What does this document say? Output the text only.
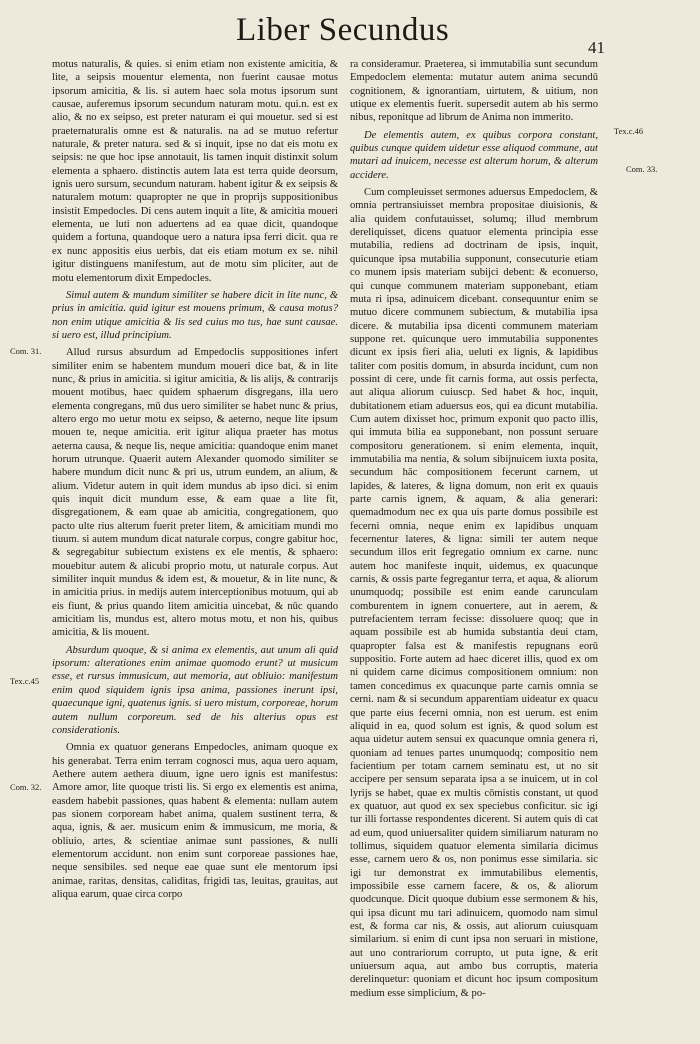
Liber Secundus	41
Com. 31.
Tex.c.45
Com. 32.
Tex.c.46
Com. 33.

motus naturalis, & quies. si enim etiam non existente amicitia, & lite, a seipsis mouentur elementa, non fuerint causae motus ipsorum amicitia, & lis. si autem haec sola motus ipsorum sunt causae, auferemus ipsorum secundum naturam motu. qui.n. est ex alio, & no ex seipso, est preter naturam ei qui mouetur. sed si est praeternaturalis omne est & naturalis. na ad se mutuo refertur naturale, & preter natura. sed & si inquit, ipse no dat eis motu ex seipsis: ne que hoc ipse annotauit, lis tamen inquit distinxit solum elementa a sphaero. distinctis autem lata est terra quide deorsum, ignis uero sursum, secundum naturam. habent igitur & ex seipsis & naturalem motum: quapropter ne que in proprijs suppositionibus insistit Empedocles. Di cens autem inquit a lite, & amicitia moueri elementa, ue luti non aduertens ad ea quae dicit, quandoque quidem a fortuna, quandoque uero a natura ipsa ferri dicit. qua re ex nunc appositis eius uerbis, dat eis etiam motum ex se. nihil igitur distinguens manifestum, aut de motu sim pliciter, aut de motu elementorum dixit Empedocles.

Simul autem & mundum similiter se habere dicit in lite nunc, & prius in amicitia. quid igitur est mouens primum, & causa motus? non enim utique amicitia & lis sed cuius mo tus, hae sunt causae. si uero est, illud principium.

Allud rursus absurdum ad Empedoclis suppositiones infert similiter enim se habentem mundum moueri dice bat, & in lite nunc, & prius in amicitia. si igitur amicitia, & lis alijs, & contrarijs mouent motibus, haec quidem sphaerum disgregans, illa uero elementa congregans, mū dus uero similiter se habet nunc & prius, altero ergo mo uetur motu ex seipso, & aeterno, neque lite ipsum mouen te, neque amicitia. erit igitur aliqua praeter has motus aeterna causa, & neque lis, neque amicitia: quandoque enim manet horum utrunque. Quaerit autem Alexander quomodo similiter se habere mundum dicit nunc & pri us, utrum eundem, an alium, & alium. Videtur autem in quit idem mundus ab ipso dici. si enim quis inquit dicit mundum esse, & eam quae a lite fit, disgregationem, & eam quae ab amicitia, congregationem, quo pacto ulte rius alterum fuerit preter litem, & amicitiam mundi mo tiuum. si autem mundum dicat naturale corpus, congre gabitur hoc, & segregabitur subiectum existens ex ele mentis, & sphaero: mouebitur autem & alicubi proprio motu, ut naturale corpus. Aut similiter inquit mundus & idem est, & mouetur, & in lite nunc, & in amicitia prius. in medijs autem interceptionibus motuum, qui ab eis fiunt, & prius quando litem amicitia uincebat, & nūc quando amicitiam lis, mundus est, altero motus motu, et non his, quibus amicitia, & lis mouent.

Absurdum quoque, & si anima ex elementis, aut unum ali quid ipsorum: alterationes enim animae quomodo erunt? ut musicum esse, et rursus immusicum, aut memoria, aut obliuio: manifestum enim quod siquidem ignis ipsa anima, passiones inerunt ipsi, quaecunque igni, quatenus ignis. si uero mistum, corporeae, horum autem nullum corporeum. sed de his alterius opus est considerationis.

Omnia ex quatuor generans Empedocles, animam quoque ex his generabat. Terra enim terram cognosci mus, aqua uero aquam, Aethere autem aethera diuum, igne uero ignis est manifestus: Amore amor, lite quoque tristi lis. Si ergo ex elementis est anima, easdem habebit passiones, quas habent & elementa: nullam autem pas sionem corpoream habet anima, qualem sustinent terra, & aqua, ignis, & aer. musicum enim & immusicum, me moria, & obliuio, artes, & scientiae animae sunt passiones, & nulli elementorum accidunt. non enim sunt corporeae passiones hae, neque sensibiles. sed neque eae quae sunt ele mentorum ipsi animae, raritas, densitas, caliditas, frigidi tas, leuitas, grauitas, aut aliqua earum, quae circa corpo

ra consideramur. Praeterea, si immutabilia sunt secundum Empedoclem elementa: mutatur autem anima secundū cognitionem, & ignorantiam, uirtutem, & uitium, non utique ex elementis fuerit. supersedit autem ab his sermo nibus, reponitque ad librum de Anima non immerito.

De elementis autem, ex quibus corpora constant, quibus cunque quidem uidetur esse aliquod commune, aut mutari ad inuicem, necesse est alterum horum, & alterum accidere.

Cum compleuisset sermones aduersus Empedoclem, & omnia pertransiuisset membra propositae diuisionis, & alia quidem confutauisset, solumq; illud membrum dereliquisset, dicens quatuor elementa principia esse mutabilia, rediens ad doctrinam de ipsis, inquit, quicunque ipsa mutabilia supponunt, consecuturie etiam co munem ipsis materiam subijci debent: & econuerso, qui cunque communem materiam supponebant, etiam muta ri ipsa, adinuicem dicebant. consequuntur enim se mutuo dicere communem subiectum, & mutabilia ipsa dicere. & mutabilia ipsa dicenti communem materiam suppone ret. quicunque uero immutabilia supponentes dicunt ex ipsis fieri alia, ueluti ex lignis, & lapidibus taliter com positis domum, in absurda incidunt, cum non possint di cere, unde fit carnis forma, aut ossis perfecta, aut aliqua aliorum cuiuscp. Sed habet & hoc, inquit, dubitationem etiam aduersus eos, qui ea dicunt mutabilia. Cum autem dixisset hoc, primum exponit quo pacto illis, qui immuta bilia ea supponebant, non possunt seruare compositoru generationem. si enim elementa, inquit, immutabilia ma nentia, & solum sibijnuicem iuxta posita, secundum hāc compositionem fecerunt carnem, ut lapides, & lateres, & ligna domum, non erit ex quauis parte carnis ignem, & aquam, & alia generari: quemadmodum nec ex qua uis parte domus possibile est fecerni omnia, neque enim ex lapidibus unquam fecernentur lateres, & ligna: simili ter autem neque secundum illos erit fegregatio omnium ex carne. nunc autem hoc manifeste inquit, uidemus, ex quacunque carnis, & ossis parte fegregantur terra, et aqua, & aliorum unumquodq; possibile est enim eande carunculam comburentem in ignem conuertere, aut in aerem, & putrefacientem terram fecisse: dissoluere quoq; que in aquam possibile est ab humida substantia deui ctam, quapropter falsa est & manifestis repugnans eorū suppositio. Forte autem ad haec diceret illis, quod ex om ni quidem carne dicimus compositionem omnium: non tamen concedimus ex quacunque parte carnis omnia se cerni. nam & si secundum apparentiam uideatur ex quacu que parte eius fecerni omnia, non est uerum. est enim aliquid in ea, quod solum est ignis, & quod solum est aqua uidetur autem sensui ex quacunque omnia genera ri, quoniam ad tenues partes unumquodq; compositio nem facientium per totam carnem seminatu est, ut no sit accipere per sensum separata ipsa a se inuicem, ut in col lyrijs se habet, quae ex multis cōmistis constant, ut quod ex quatuor, aut quod ex sex speciebus conficitur. sic igi tur illi fortasse respondentes dicerent. Si autem quis di cat ad eum, quod uniuersaliter quidem similiarum naturam no tollimus, siquidem quatuor elementa similaria dicimus esse, carnem uero & os, non ponimus esse similaria. sic igi tur demonstrat ex immutabilibus elementis, impossibile esse carnem facere, & os, & aliorum quodcunque. Dicit quoque dubium esse sermonem & his, qui ipsa dicunt mu tari adinuicem, quomodo nam simul est, & forma car nis, & ossis, aut aliorum cuiusquam similarium. si enim di cunt ipsa non seruari in mistione, aut uno contrariorum corrupto, ut puta igne, & erit uniuersum aqua, aut ambo bus corruptis, materia derelinquetur: quoniam et dicunt hoc ipsum compositum medium esse simplicium, & po-
